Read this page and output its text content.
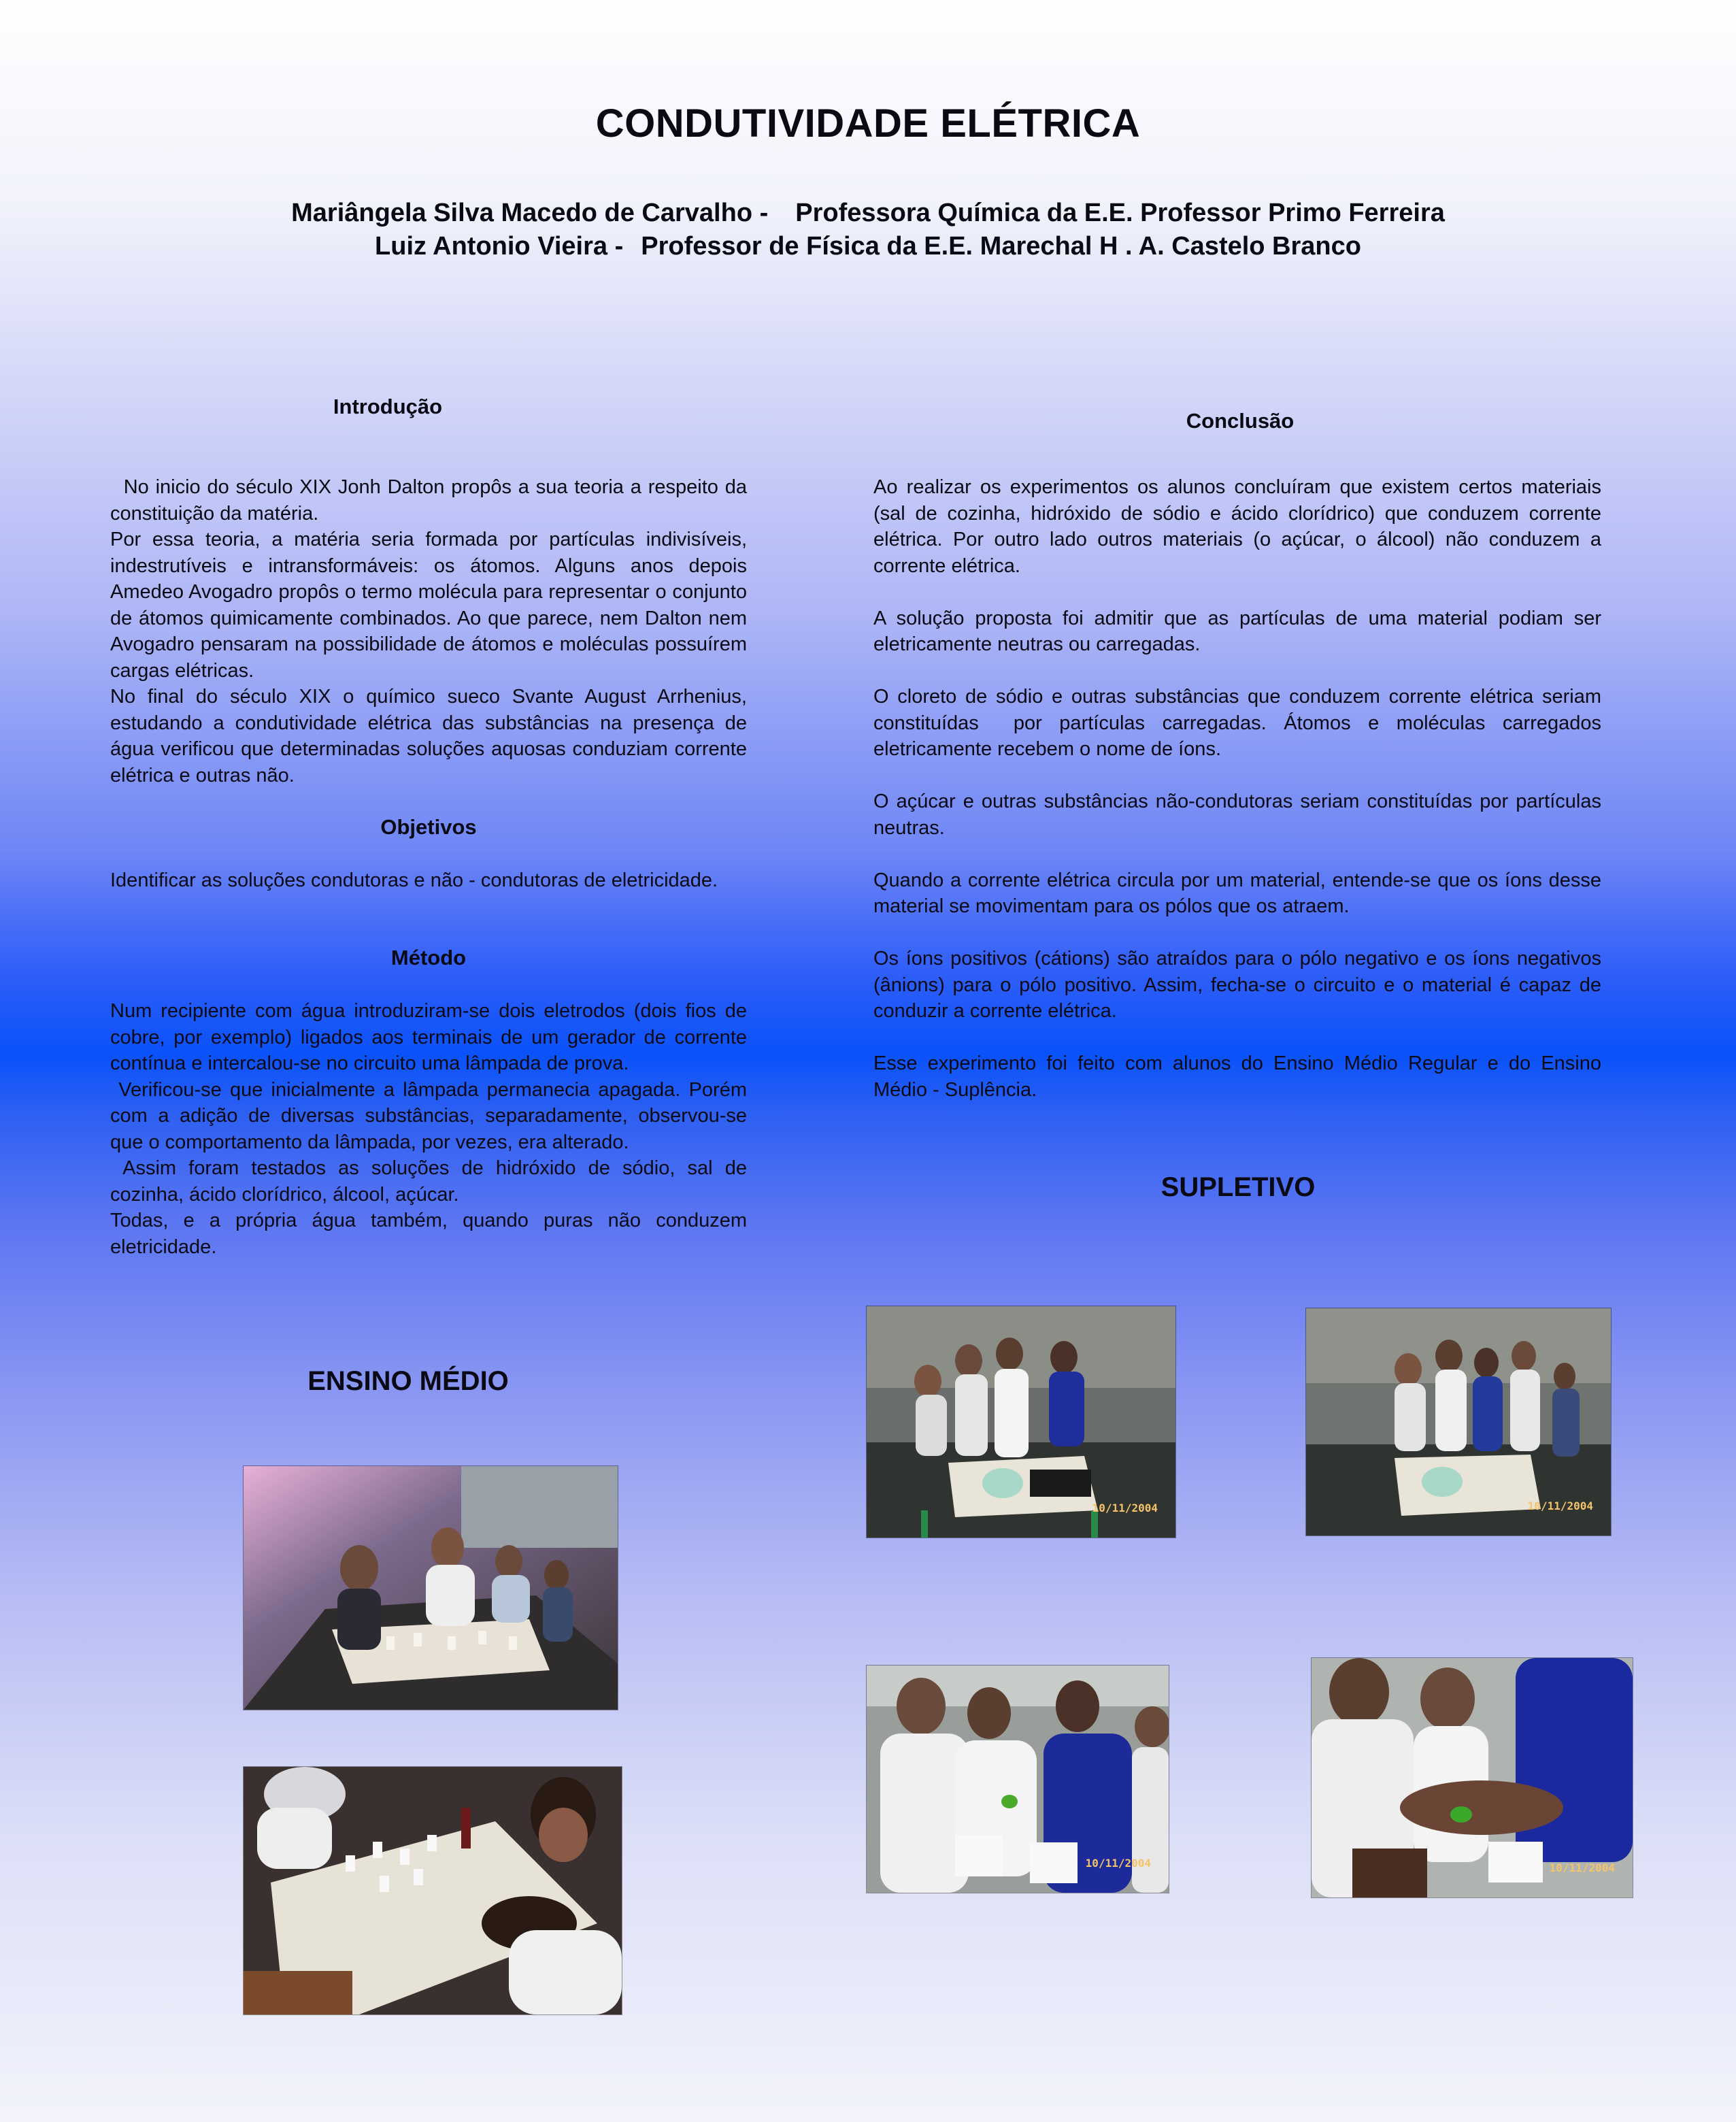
CONDUTIVIDADE ELÉTRICA
Mariângela Silva Macedo de Carvalho - Professora Química da E.E. Professor Primo Ferreira
Luiz Antonio Vieira - Professor de Física da E.E. Marechal H . A. Castelo Branco
Introdução
No inicio do século XIX Jonh Dalton propôs a sua teoria a respeito da constituição da matéria.
Por essa teoria, a matéria seria formada por partículas indivisíveis, indestrutíveis e intransformáveis: os átomos. Alguns anos depois Amedeo Avogadro propôs o termo molécula para representar o conjunto de átomos quimicamente combinados. Ao que parece, nem Dalton nem Avogadro pensaram na possibilidade de átomos e moléculas possuírem cargas elétricas.
No final do século XIX o químico sueco Svante August Arrhenius, estudando a condutividade elétrica das substâncias na presença de água verificou que determinadas soluções aquosas conduziam corrente elétrica e outras não.
Objetivos
Identificar as soluções condutoras e não - condutoras de eletricidade.
Método
Num recipiente com água introduziram-se dois eletrodos (dois fios de cobre, por exemplo) ligados aos terminais de um gerador de corrente contínua e intercalou-se no circuito uma lâmpada de prova.
Verificou-se que inicialmente a lâmpada permanecia apagada. Porém com a adição de diversas substâncias, separadamente, observou-se que o comportamento da lâmpada, por vezes, era alterado.
Assim foram testados as soluções de hidróxido de sódio, sal de cozinha, ácido clorídrico, álcool, açúcar.
Todas, e a própria água também, quando puras não conduzem eletricidade.
ENSINO MÉDIO
Conclusão

Ao realizar os experimentos os alunos concluíram que existem certos materiais (sal de cozinha, hidróxido de sódio e ácido clorídrico) que conduzem corrente elétrica. Por outro lado outros materiais (o açúcar, o álcool) não conduzem a corrente elétrica.

A solução proposta foi admitir que as partículas de uma material podiam ser eletricamente neutras ou carregadas.

O cloreto de sódio e outras substâncias que conduzem corrente elétrica seriam constituídas  por partículas carregadas. Átomos e moléculas carregados eletricamente recebem o nome de íons.

O açúcar e outras substâncias não-condutoras seriam constituídas por partículas neutras.

Quando a corrente elétrica circula por um material, entende-se que os íons desse material se movimentam para os pólos que os atraem.

Os íons positivos (cátions) são atraídos para o pólo negativo e os íons negativos (ânions) para o pólo positivo. Assim, fecha-se o circuito e o material é capaz de conduzir a corrente elétrica.

Esse experimento foi feito com alunos do Ensino Médio Regular e do Ensino Médio - Suplência.

SUPLETIVO
10/11/2004	10/11/2004
10/11/2004	10/11/2004
